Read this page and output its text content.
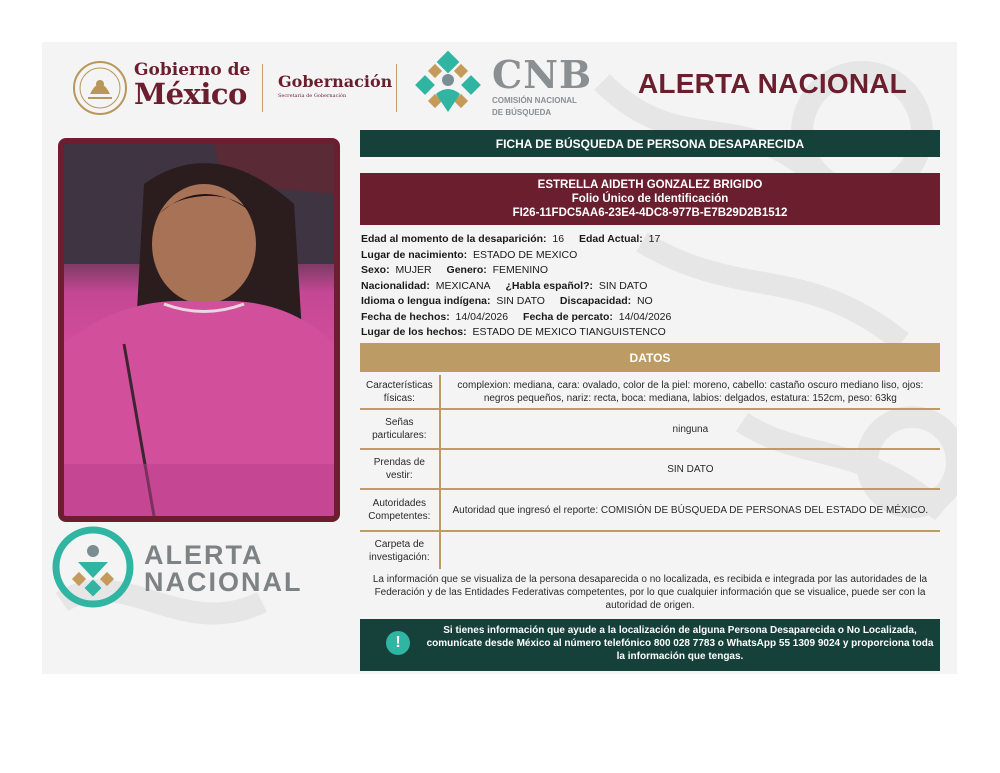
Gobierno de
México Gobernación
Secretaría de Gobernación	CNB
COMISIÓN NACIONAL
DE BÚSQUEDA
ALERTA NACIONAL
ALERTA
NACIONAL
FICHA DE BÚSQUEDA DE PERSONA DESAPARECIDA
ESTRELLA AIDETH GONZALEZ BRIGIDO
Folio Único de Identificación
FI26-11FDC5AA6-23E4-4DC8-977B-E7B29D2B1512
Edad al momento de la desaparición: 16 Edad Actual: 17
Lugar de nacimiento: ESTADO DE MEXICO
Sexo: MUJER Genero: FEMENINO
Nacionalidad: MEXICANA ¿Habla español?: SIN DATO
Idioma o lengua indígena: SIN DATO Discapacidad: NO
Fecha de hechos: 14/04/2026 Fecha de percato: 14/04/2026
Lugar de los hechos: ESTADO DE MEXICO TIANGUISTENCO
DATOS
Características físicas:	complexion: mediana, cara: ovalado, color de la piel: moreno, cabello: castaño oscuro mediano liso, ojos: negros pequeños, nariz: recta, boca: mediana, labios: delgados, estatura: 152cm, peso: 63kg
Señas particulares:	ninguna
Prendas de vestir:	SIN DATO
Autoridades Competentes:	Autoridad que ingresó el reporte: COMISIÓN DE BÚSQUEDA DE PERSONAS DEL ESTADO DE MÉXICO.
Carpeta de investigación:	
La información que se visualiza de la persona desaparecida o no localizada, es recibida e integrada por las autoridades de la Federación y de las Entidades Federativas competentes, por lo que cualquier información que se visualice, puede ser con la autoridad de origen.
!
Si tienes información que ayude a la localización de alguna Persona Desaparecida o No Localizada, comunícate desde México al número telefónico 800 028 7783 o WhatsApp 55 1309 9024 y proporciona toda la información que tengas.
